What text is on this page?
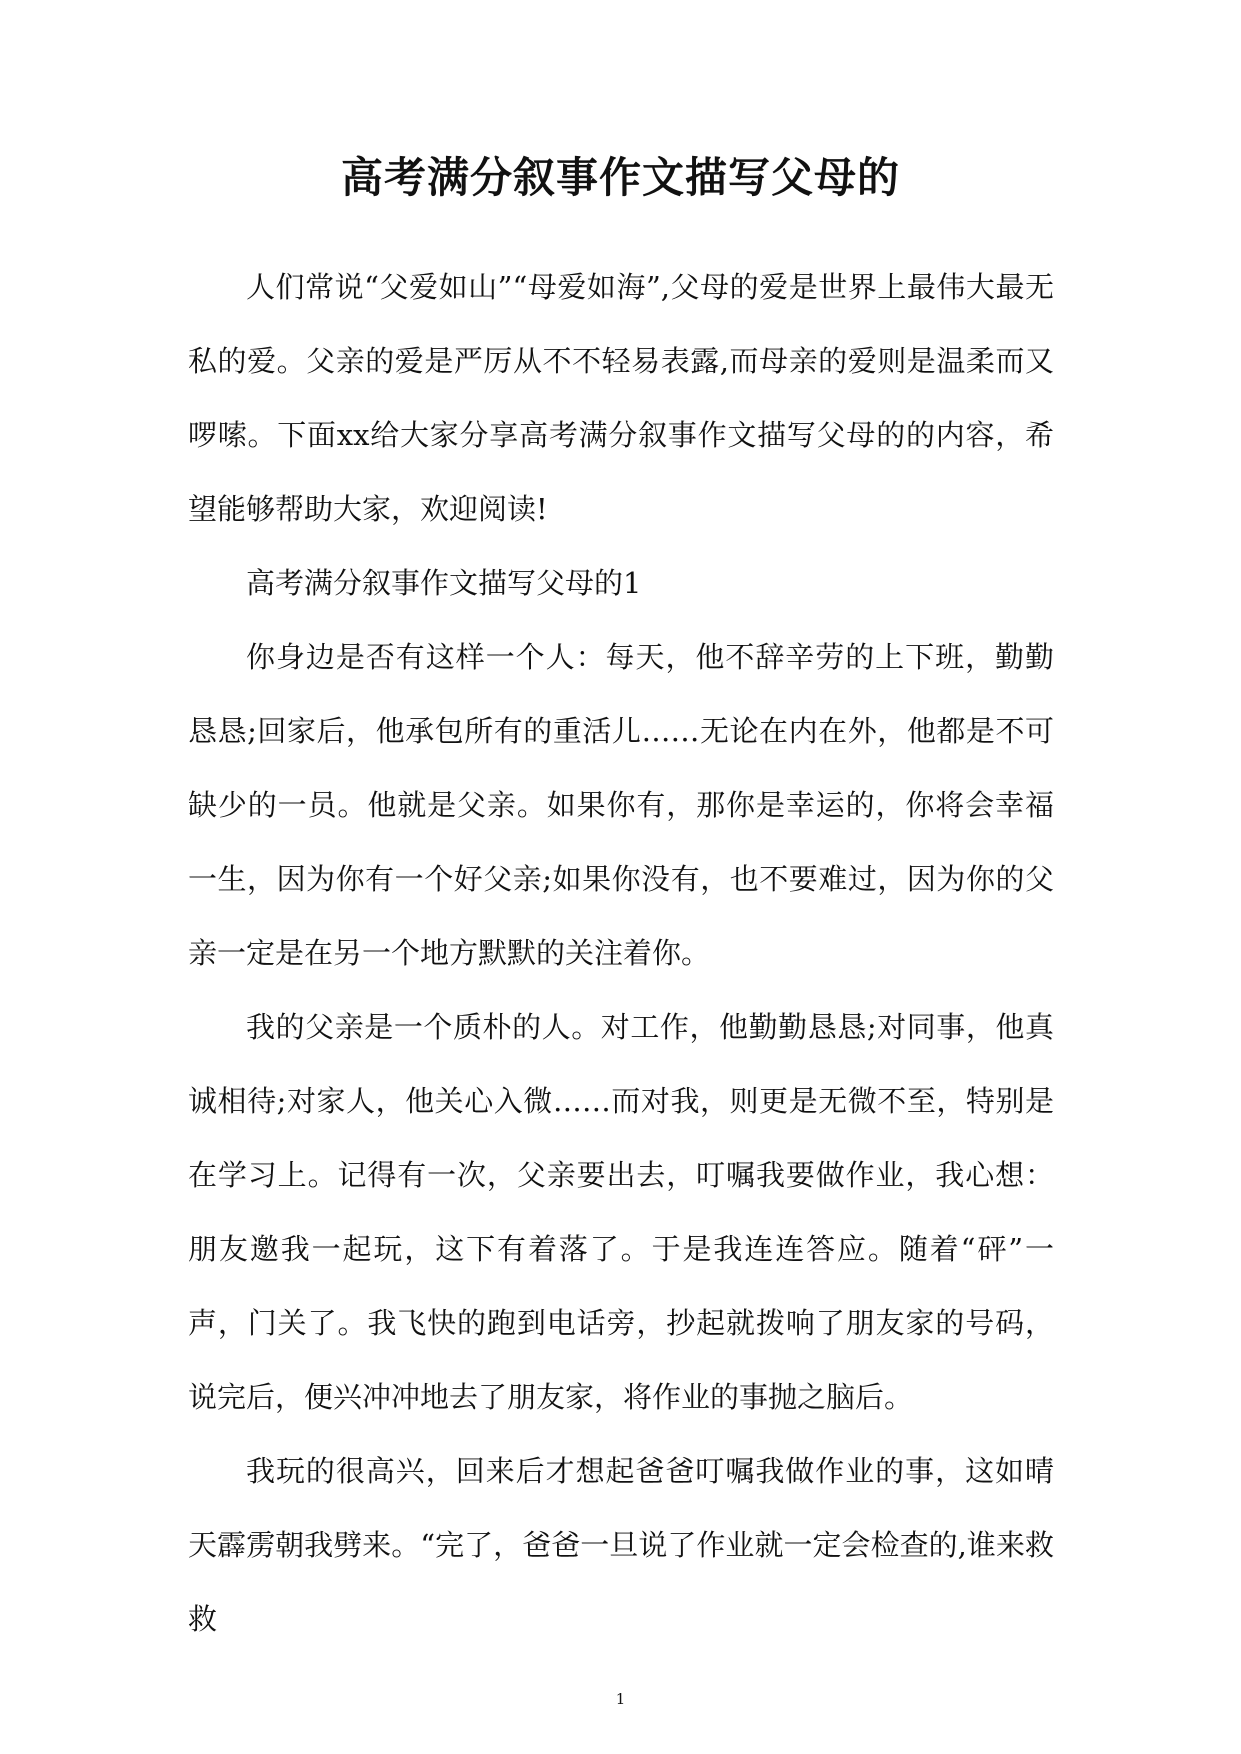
高考满分叙事作文描写父母的

人们常说“父爱如山”“母爱如海”,父母的爱是世界上最伟大最无私的爱。父亲的爱是严厉从不不轻易表露,而母亲的爱则是温柔而又啰嗦。下面xx给大家分享高考满分叙事作文描写父母的的内容，希望能够帮助大家，欢迎阅读!

高考满分叙事作文描写父母的1

你身边是否有这样一个人：每天，他不辞辛劳的上下班，勤勤恳恳;回家后，他承包所有的重活儿……无论在内在外，他都是不可缺少的一员。他就是父亲。如果你有，那你是幸运的，你将会幸福一生，因为你有一个好父亲;如果你没有，也不要难过，因为你的父亲一定是在另一个地方默默的关注着你。

我的父亲是一个质朴的人。对工作，他勤勤恳恳;对同事，他真诚相待;对家人，他关心入微……而对我，则更是无微不至，特别是在学习上。记得有一次，父亲要出去，叮嘱我要做作业，我心想：朋友邀我一起玩，这下有着落了。于是我连连答应。随着“砰”一声，门关了。我飞快的跑到电话旁，抄起就拨响了朋友家的号码，说完后，便兴冲冲地去了朋友家，将作业的事抛之脑后。

我玩的很高兴，回来后才想起爸爸叮嘱我做作业的事，这如晴天霹雳朝我劈来。“完了，爸爸一旦说了作业就一定会检查的,谁来救救

1
